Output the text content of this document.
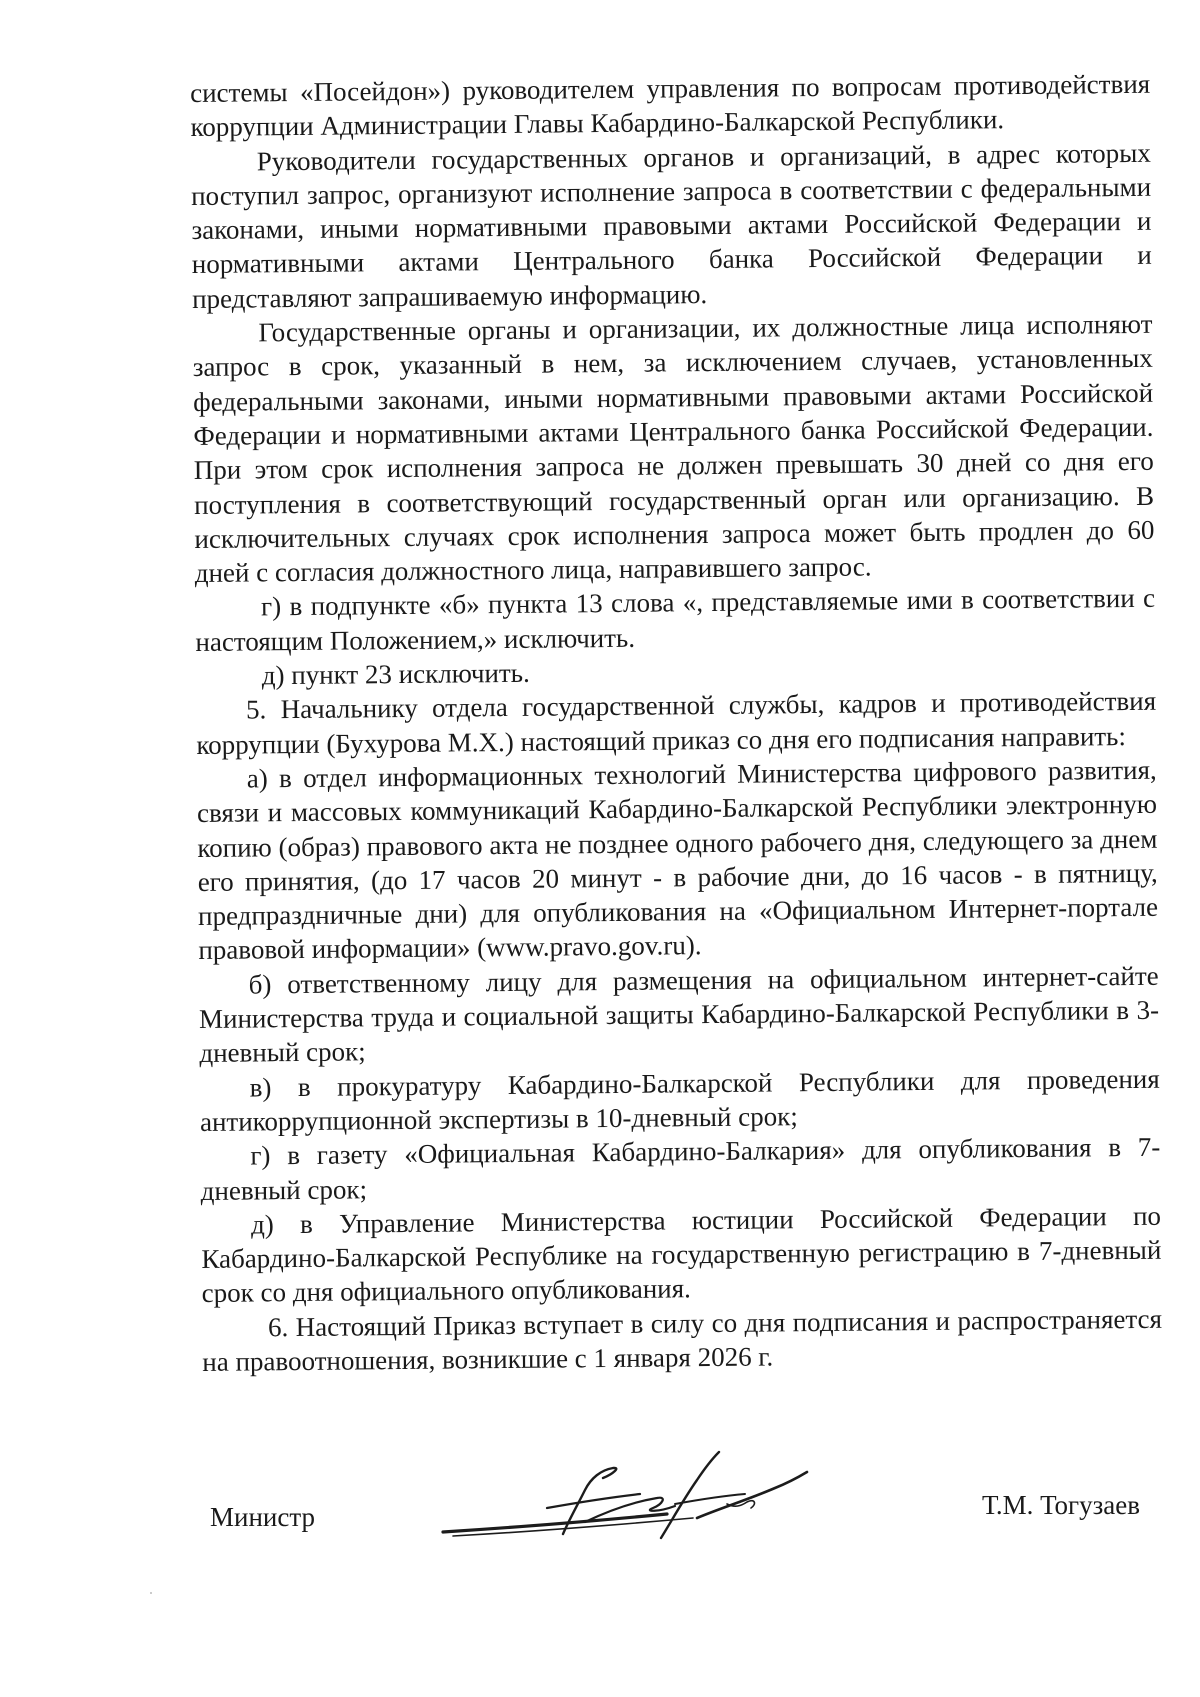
системы «Посейдон») руководителем управления по вопросам противодействия коррупции Администрации Главы Кабардино-Балкарской Республики.

Руководители государственных органов и организаций, в адрес которых поступил запрос, организуют исполнение запроса в соответствии с федеральными законами, иными нормативными правовыми актами Российской Федерации и нормативными актами Центрального банка Российской Федерации и представляют запрашиваемую информацию.

Государственные органы и организации, их должностные лица исполняют запрос в срок, указанный в нем, за исключением случаев, установленных федеральными законами, иными нормативными правовыми актами Российской Федерации и нормативными актами Центрального банка Российской Федерации. При этом срок исполнения запроса не должен превышать 30 дней со дня его поступления в соответствующий государственный орган или организацию. В исключительных случаях срок исполнения запроса может быть продлен до 60 дней с согласия должностного лица, направившего запрос.

г) в подпункте «б» пункта 13 слова «, представляемые ими в соответствии с настоящим Положением,» исключить.

д) пункт 23 исключить.

5. Начальнику отдела государственной службы, кадров и противодействия коррупции (Бухурова М.Х.) настоящий приказ со дня его подписания направить:

а) в отдел информационных технологий Министерства цифрового развития, связи и массовых коммуникаций Кабардино-Балкарской Республики электронную копию (образ) правового акта не позднее одного рабочего дня, следующего за днем его принятия, (до 17 часов 20 минут - в рабочие дни, до 16 часов - в пятницу, предпраздничные дни) для опубликования на «Официальном Интернет-портале правовой информации» (www.pravo.gov.ru).

б) ответственному лицу для размещения на официальном интернет-сайте Министерства труда и социальной защиты Кабардино-Балкарской Республики в 3-дневный срок;

в) в прокуратуру Кабардино-Балкарской Республики для проведения антикоррупционной экспертизы в 10-дневный срок;

г) в газету «Официальная Кабардино-Балкария» для опубликования в 7-дневный срок;

д) в Управление Министерства юстиции Российской Федерации по Кабардино-Балкарской Республике на государственную регистрацию в 7-дневный срок со дня официального опубликования.

6. Настоящий Приказ вступает в силу со дня подписания и распространяется на правоотношения, возникшие с 1 января 2026 г.

Министр	Т.М. Тогузаев
